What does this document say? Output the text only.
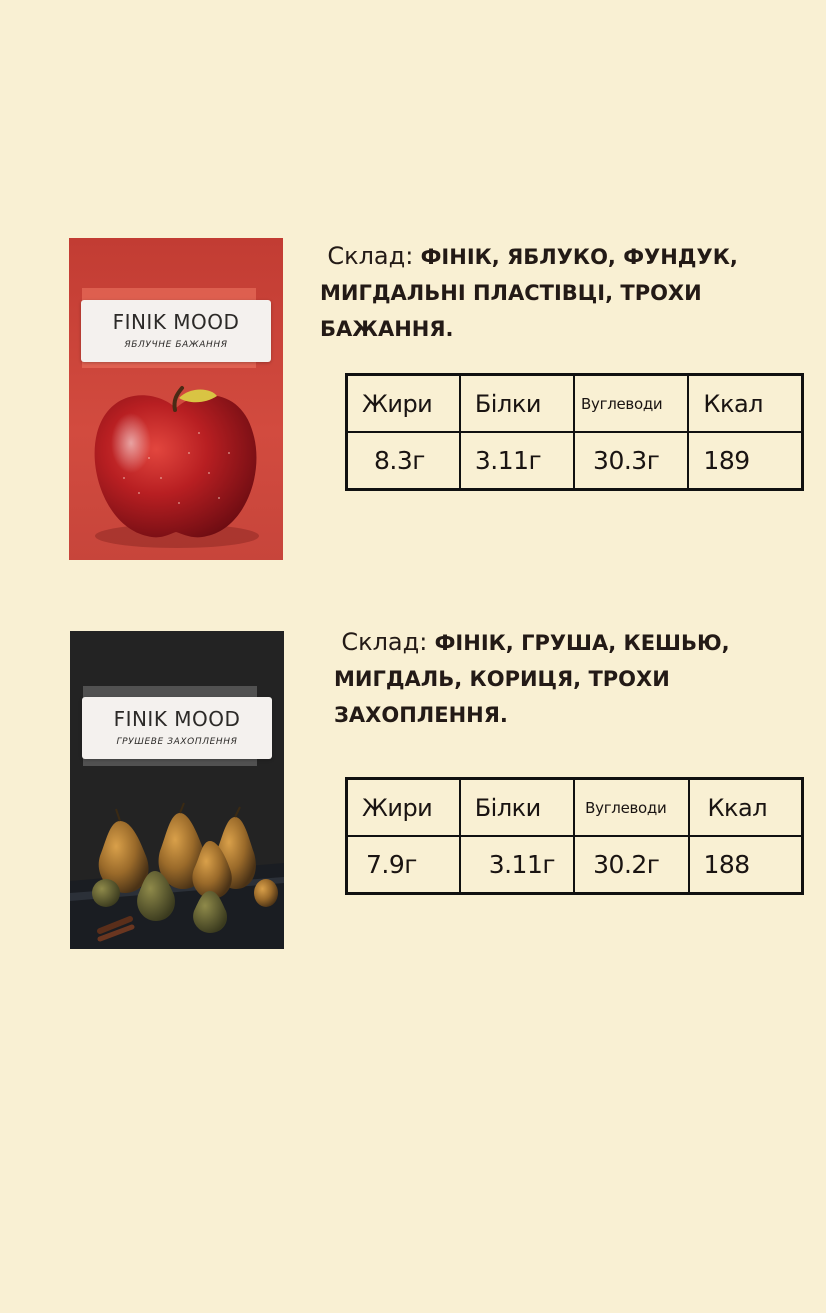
FINIK MOOD
ЯБЛУЧНЕ БАЖАННЯ
Склад: ФІНІК, ЯБЛУКО, ФУНДУК,
МИГДАЛЬНІ ПЛАСТІВЦІ, ТРОХИ
БАЖАННЯ.
Жири	Білки	Вуглеводи	Ккал
8.3г	3.11г	30.3г	189
FINIK MOOD
ГРУШЕВЕ ЗАХОПЛЕННЯ
Склад: ФІНІК, ГРУША, КЕШЬЮ,
МИГДАЛЬ, КОРИЦЯ, ТРОХИ
ЗАХОПЛЕННЯ.
Жири	Білки	Вуглеводи	Ккал
7.9г	3.11г	30.2г	188
